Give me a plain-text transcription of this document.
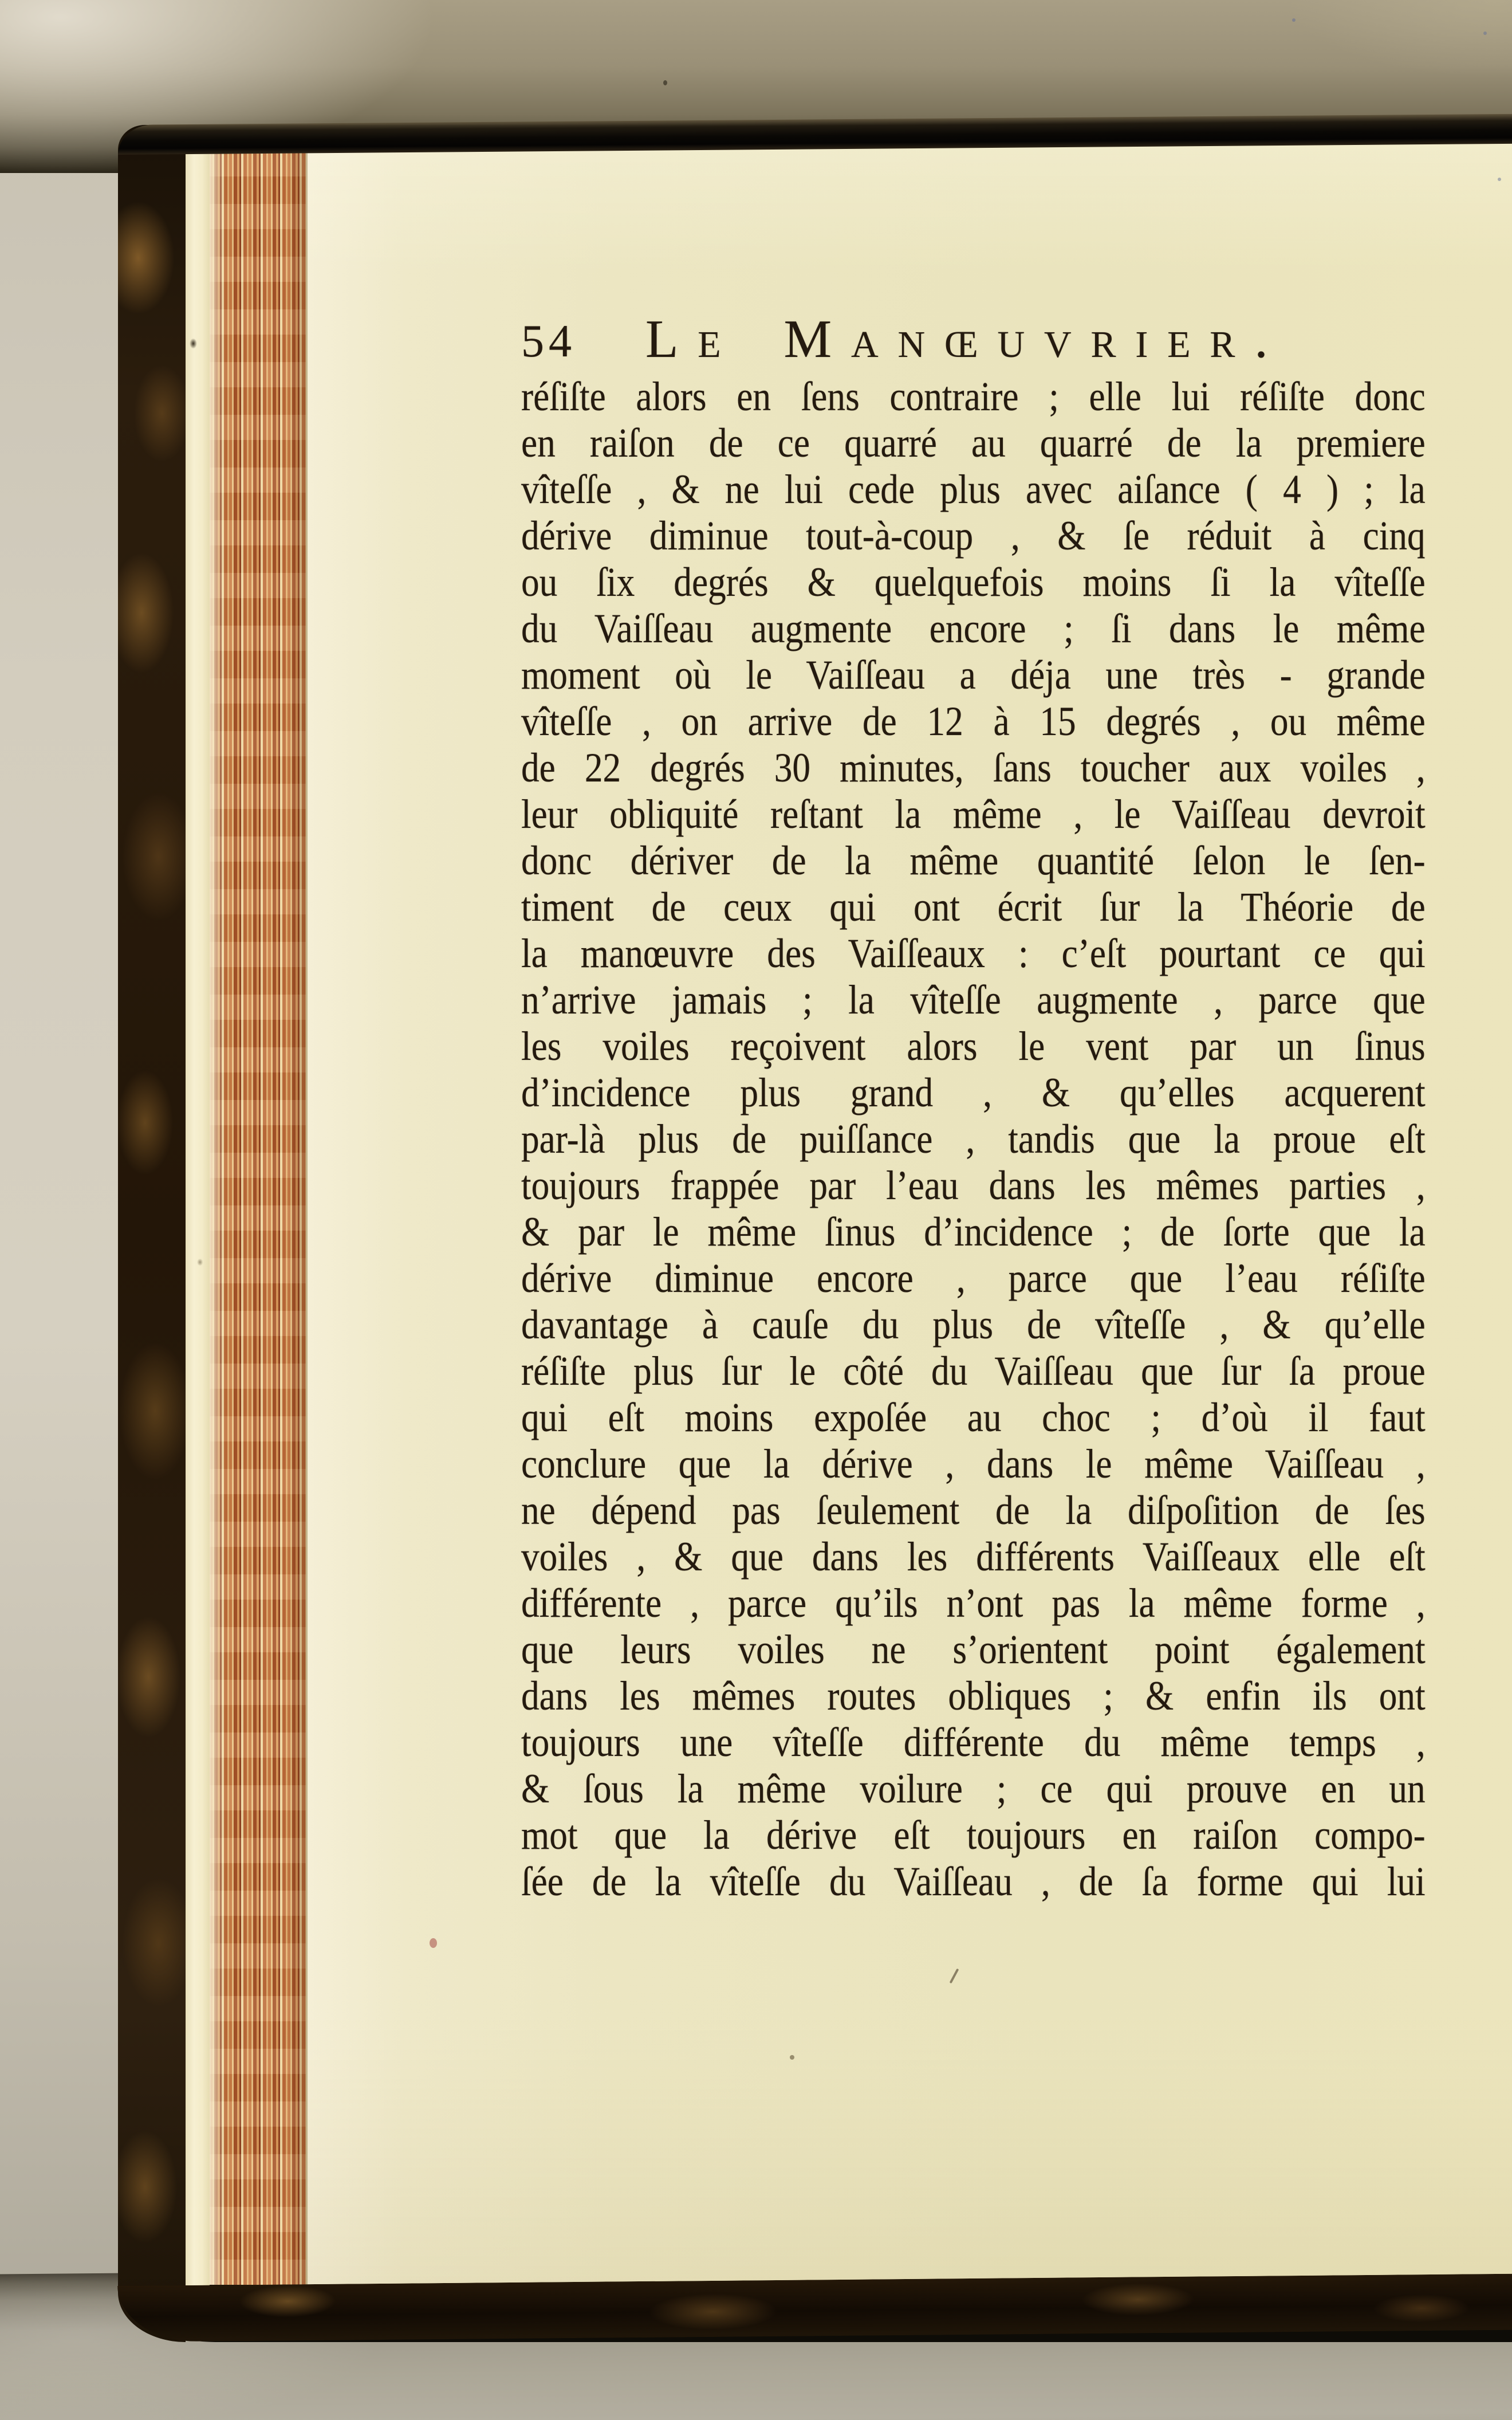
54 Le Manœuvrier.
réſiſte alors en ſens contraire ; elle lui réſiſte donc
en raiſon de ce quarré au quarré de la premiere
vîteſſe , & ne lui cede plus avec aiſance ( 4 ) ; la
dérive diminue tout-à-coup , & ſe réduit à cinq
ou ſix degrés & quelquefois moins ſi la vîteſſe
du Vaiſſeau augmente encore ; ſi dans le même
moment où le Vaiſſeau a déja une très - grande
vîteſſe , on arrive de 12 à 15 degrés , ou même
de 22 degrés 30 minutes, ſans toucher aux voiles ,
leur obliquité reſtant la même , le Vaiſſeau devroit
donc dériver de la même quantité ſelon le ſen-
timent de ceux qui ont écrit ſur la Théorie de
la manœuvre des Vaiſſeaux : c’eſt pourtant ce qui
n’arrive jamais ; la vîteſſe augmente , parce que
les voiles reçoivent alors le vent par un ſinus
d’incidence plus grand , & qu’elles acquerent
par-là plus de puiſſance , tandis que la proue eſt
toujours frappée par l’eau dans les mêmes parties ,
& par le même ſinus d’incidence ; de ſorte que la
dérive diminue encore , parce que l’eau réſiſte
davantage à cauſe du plus de vîteſſe , & qu’elle
réſiſte plus ſur le côté du Vaiſſeau que ſur ſa proue
qui eſt moins expoſée au choc ; d’où il faut
conclure que la dérive , dans le même Vaiſſeau ,
ne dépend pas ſeulement de la diſpoſition de ſes
voiles , & que dans les différents Vaiſſeaux elle eſt
différente , parce qu’ils n’ont pas la même forme ,
que leurs voiles ne s’orientent point également
dans les mêmes routes obliques ; & enfin ils ont
toujours une vîteſſe différente du même temps ,
& ſous la même voilure ; ce qui prouve en un
mot que la dérive eſt toujours en raiſon compo-
ſée de la vîteſſe du Vaiſſeau , de ſa forme qui lui
